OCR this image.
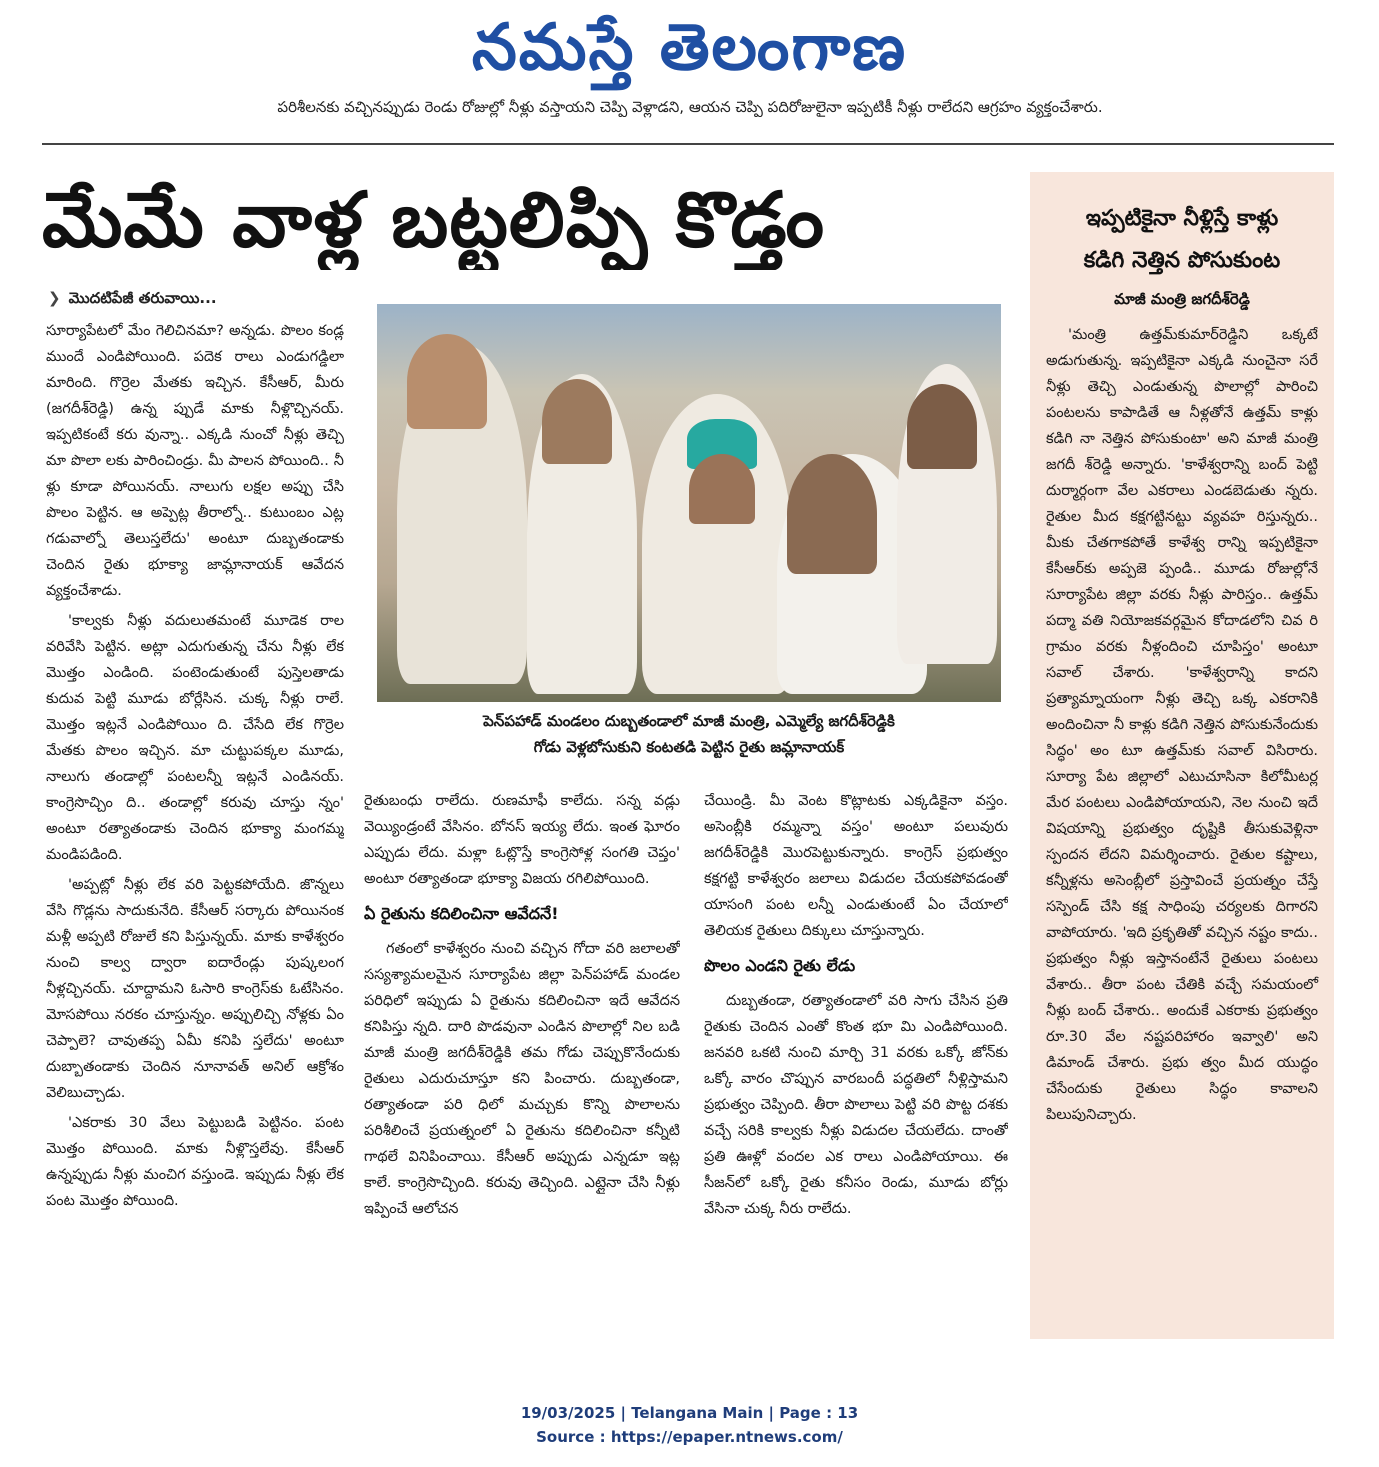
నమస్తే తెలంగాణ
పరిశీలనకు వచ్చినప్పుడు రెండు రోజుల్లో నీళ్లు వస్తాయని చెప్పి వెళ్లాడని, ఆయన చెప్పి పదిరోజులైనా ఇప్పటికీ నీళ్లు రాలేదని ఆగ్రహం వ్యక్తంచేశారు.
మేమే వాళ్ల బట్టలిప్పి కొడ్తం
❯ మొదటిపేజీ తరువాయి...

సూర్యాపేటలో మేం గెలిచినమా? అన్నడు. పొలం కండ్ల ముందే ఎండిపోయింది. పదెక రాలు ఎండుగడ్డిలా మారింది. గొర్రెల మేతకు ఇచ్చిన. కేసీఆర్, మీరు (జగదీశ్‌రెడ్డి) ఉన్న ప్పుడే మాకు నీళ్లొచ్చినయ్. ఇప్పటికంటే కరు వున్నా.. ఎక్కడి నుంచో నీళ్లు తెచ్చి మా పొలా లకు పారించిండ్రు. మీ పాలన పోయింది.. నీ ళ్లు కూడా పోయినయ్. నాలుగు లక్షల అప్పు చేసి పొలం పెట్టిన. ఆ అప్పెట్ల తీరాల్నో.. కుటుంబం ఎట్ల గడువాల్నో తెలుస్తలేదు' అంటూ దుబ్బతండాకు చెందిన రైతు భూక్యా జామ్లానాయక్ ఆవేదన వ్యక్తంచేశాడు.

'కాల్వకు నీళ్లు వదులుతమంటే మూడెక రాల వరివేసి పెట్టిన. అట్లా ఎదుగుతున్న చేను నీళ్లు లేక మొత్తం ఎండింది. పంటెండుతుంటే పుస్తెలతాడు కుదువ పెట్టి మూడు బోర్లేసిన. చుక్క నీళ్లు రాలే. మొత్తం ఇట్లనే ఎండిపోయిం ది. చేసేది లేక గొర్రెల మేతకు పొలం ఇచ్చిన. మా చుట్టుపక్కల మూడు, నాలుగు తండాల్లో పంటలన్నీ ఇట్లనే ఎండినయ్. కాంగ్రెసొచ్చిం ది.. తండాల్లో కరువు చూస్తు న్నం' అంటూ రత్యాతండాకు చెందిన భూక్యా మంగమ్మ మండిపడింది.

'అప్పట్లో నీళ్లు లేక వరి పెట్టకపోయేది. జొన్నలు వేసి గొడ్లను సాదుకునేది. కేసీఆర్ సర్కారు పోయినంక మళ్లీ అప్పటి రోజులే కని పిస్తున్నయ్. మాకు కాళేశ్వరం నుంచి కాల్వ ద్వారా ఐదారేండ్లు పుష్కలంగ నీళ్లచ్చినయ్. చూద్దామని ఓసారి కాంగ్రెస్‌కు ఓటేసినం. మోసపోయి నరకం చూస్తున్నం. అప్పులిచ్చి నోళ్లకు ఏం చెప్పాలె? చావుతప్ప ఏమీ కనిపి స్తలేదు' అంటూ దుబ్బాతండాకు చెందిన నూనావత్ అనిల్ ఆక్రోశం వెలిబుచ్చాడు.

'ఎకరాకు 30 వేలు పెట్టుబడి పెట్టినం. పంట మొత్తం పోయింది. మాకు నీళ్లొస్తలేవు. కేసీఆర్ ఉన్నప్పుడు నీళ్లు మంచిగ వస్తుండె. ఇప్పుడు నీళ్లు లేక పంట మొత్తం పోయింది.

పెన్‌పహాడ్ మండలం దుబ్బతండాలో మాజీ మంత్రి, ఎమ్మెల్యే జగదీశ్‌రెడ్డికి
గోడు వెళ్లబోసుకుని కంటతడి పెట్టిన రైతు జమ్లానాయక్

రైతుబంధు రాలేదు. రుణమాఫీ కాలేదు. సన్న వడ్లు వెయ్యిండ్రంటే వేసినం. బోనస్ ఇయ్య లేదు. ఇంత ఘోరం ఎప్పుడు లేదు. మళ్లా ఓట్లొస్తే కాంగ్రెసోళ్ల సంగతి చెప్తం' అంటూ రత్యాతండా భూక్యా విజయ రగిలిపోయింది.

ఏ రైతును కదిలించినా ఆవేదనే!

గతంలో కాళేశ్వరం నుంచి వచ్చిన గోదా వరి జలాలతో సస్యశ్యామలమైన సూర్యాపేట జిల్లా పెన్‌పహాడ్ మండల పరిధిలో ఇప్పుడు ఏ రైతును కదిలించినా ఇదే ఆవేదన కనిపిస్తు న్నది. దారి పొడవునా ఎండిన పొలాల్లో నిల బడి మాజీ మంత్రి జగదీశ్‌రెడ్డికి తమ గోడు చెప్పుకొనేందుకు రైతులు ఎదురుచూస్తూ కని పించారు. దుబ్బతండా, రత్యాతండా పరి ధిలో మచ్చుకు కొన్ని పొలాలను పరిశీలించే ప్రయత్నంలో ఏ రైతును కదిలించినా కన్నీటి గాథలే వినిపించాయి. కేసీఆర్ అప్పుడు ఎన్నడూ ఇట్ల కాలే. కాంగ్రెసొచ్చింది. కరువు తెచ్చింది. ఎట్లైనా చేసి నీళ్లు ఇప్పించే ఆలోచన

చేయిండ్రి. మీ వెంట కొట్లాటకు ఎక్కడికైనా వస్తం. అసెంబ్లీకి రమ్మన్నా వస్తం' అంటూ పలువురు జగదీశ్‌రెడ్డికి మొరపెట్టుకున్నారు. కాంగ్రెస్ ప్రభుత్వం కక్షగట్టి కాళేశ్వరం జలాలు విడుదల చేయకపోవడంతో యాసంగి పంట లన్నీ ఎండుతుంటే ఏం చేయాలో తెలియక రైతులు దిక్కులు చూస్తున్నారు.

పొలం ఎండని రైతు లేడు

దుబ్బతండా, రత్యాతండాలో వరి సాగు చేసిన ప్రతి రైతుకు చెందిన ఎంతో కొంత భూ మి ఎండిపోయింది. జనవరి ఒకటి నుంచి మార్చి 31 వరకు ఒక్కో జోన్‌కు ఒక్కో వారం చొప్పున వారబందీ పద్ధతిలో నీళ్లిస్తామని ప్రభుత్వం చెప్పింది. తీరా పొలాలు పెట్టి వరి పొట్ట దశకు వచ్చే సరికి కాల్వకు నీళ్లు విడుదల చేయలేదు. దాంతో ప్రతి ఊళ్లో వందల ఎక రాలు ఎండిపోయాయి. ఈ సీజన్‌లో ఒక్కో రైతు కనీసం రెండు, మూడు బోర్లు వేసినా చుక్క నీరు రాలేదు.

ఇప్పటికైనా నీళ్లిస్తే కాళ్లు
కడిగి నెత్తిన పోసుకుంట
మాజీ మంత్రి జగదీశ్‌రెడ్డి

'మంత్రి ఉత్తమ్‌కుమార్‌రెడ్డిని ఒక్కటే అడుగుతున్న. ఇప్పటికైనా ఎక్కడి నుంచైనా సరే నీళ్లు తెచ్చి ఎండుతున్న పొలాల్లో పారించి పంటలను కాపాడితే ఆ నీళ్లతోనే ఉత్తమ్ కాళ్లు కడిగి నా నెత్తిన పోసుకుంటా' అని మాజీ మంత్రి జగదీ శ్‌రెడ్డి అన్నారు. 'కాళేశ్వరాన్ని బంద్ పెట్టి దుర్మార్గంగా వేల ఎకరాలు ఎండబెడుతు న్నరు. రైతుల మీద కక్షగట్టినట్టు వ్యవహ రిస్తున్నరు.. మీకు చేతగాకపోతే కాళేశ్వ రాన్ని ఇప్పటికైనా కేసీఆర్‌కు అప్పజె ప్పండి.. మూడు రోజుల్లోనే సూర్యాపేట జిల్లా వరకు నీళ్లు పారిస్తం.. ఉత్తమ్ పద్మా వతి నియోజకవర్గమైన కోదాడలోని చివ రి గ్రామం వరకు నీళ్లందించి చూపిస్తం' అంటూ సవాల్ చేశారు. 'కాళేశ్వరాన్ని కాదని ప్రత్యామ్నాయంగా నీళ్లు తెచ్చి ఒక్క ఎకరానికి అందించినా నీ కాళ్లు కడిగి నెత్తిన పోసుకునేందుకు సిద్ధం' అం టూ ఉత్తమ్‌కు సవాల్ విసిరారు. సూర్యా పేట జిల్లాలో ఎటుచూసినా కిలోమీటర్ల మేర పంటలు ఎండిపోయాయని, నెల నుంచి ఇదే విషయాన్ని ప్రభుత్వం దృష్టికి తీసుకువెళ్లినా స్పందన లేదని విమర్శించారు. రైతుల కష్టాలు, కన్నీళ్లను అసెంబ్లీలో ప్రస్తావించే ప్రయత్నం చేస్తే సస్పెండ్ చేసి కక్ష సాధింపు చర్యలకు దిగారని వాపోయారు. 'ఇది ప్రకృతితో వచ్చిన నష్టం కాదు.. ప్రభుత్వం నీళ్లు ఇస్తానంటేనే రైతులు పంటలు వేశారు.. తీరా పంట చేతికి వచ్చే సమయంలో నీళ్లు బంద్ చేశారు.. అందుకే ఎకరాకు ప్రభుత్వం రూ.30 వేల నష్టపరిహారం ఇవ్వాలి' అని డిమాండ్ చేశారు. ప్రభు త్వం మీద యుద్ధం చేసేందుకు రైతులు సిద్ధం కావాలని పిలుపునిచ్చారు.

19/03/2025 | Telangana Main | Page : 13
Source : https://epaper.ntnews.com/
